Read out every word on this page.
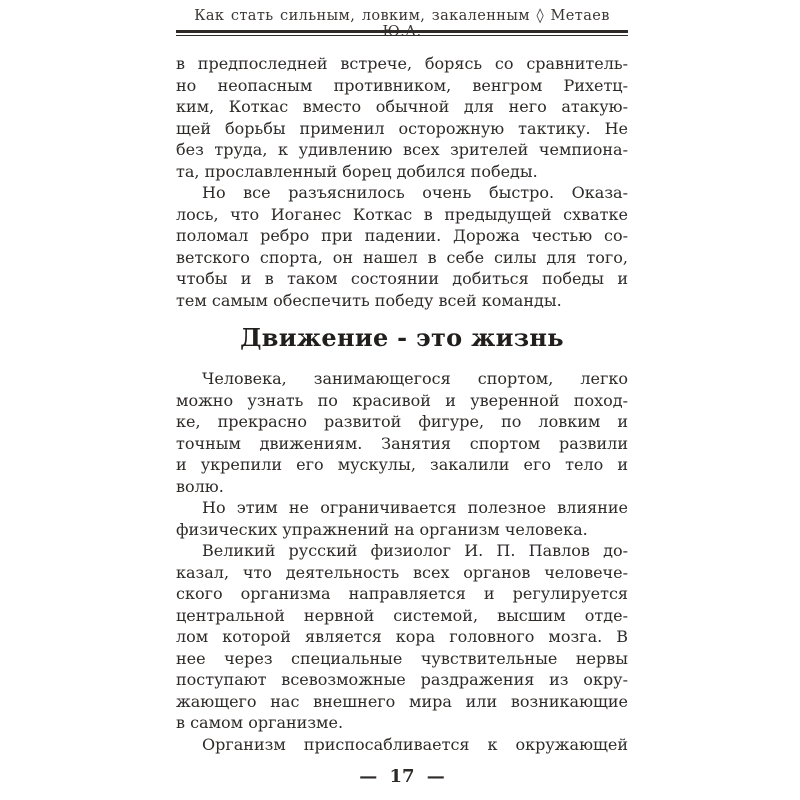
Как стать сильным, ловким, закаленным ◊ Метаев Ю.А.
в предпоследней встрече, борясь со сравнитель-
но неопасным противником, венгром Рихетц-
ким, Коткас вместо обычной для него атакую-
щей борьбы применил осторожную тактику. Не
без труда, к удивлению всех зрителей чемпиона-
та, прославленный борец добился победы.
Но все разъяснилось очень быстро. Оказа-
лось, что Иоганес Коткас в предыдущей схватке
поломал ребро при падении. Дорожа честью со-
ветского спорта, он нашел в себе силы для того,
чтобы и в таком состоянии добиться победы и
тем самым обеспечить победу всей команды.
Движение - это жизнь
Человека, занимающегося спортом, легко
можно узнать по красивой и уверенной поход-
ке, прекрасно развитой фигуре, по ловким и
точным движениям. Занятия спортом развили
и укрепили его мускулы, закалили его тело и
волю.
Но этим не ограничивается полезное влияние
физических упражнений на организм человека.
Великий русский физиолог И. П. Павлов до-
казал, что деятельность всех органов человече-
ского организма направляется и регулируется
центральной нервной системой, высшим отде-
лом которой является кора головного мозга. В
нее через специальные чувствительные нервы
поступают всевозможные раздражения из окру-
жающего нас внешнего мира или возникающие
в самом организме.
Организм приспосабливается к окружающей
— 17 —
